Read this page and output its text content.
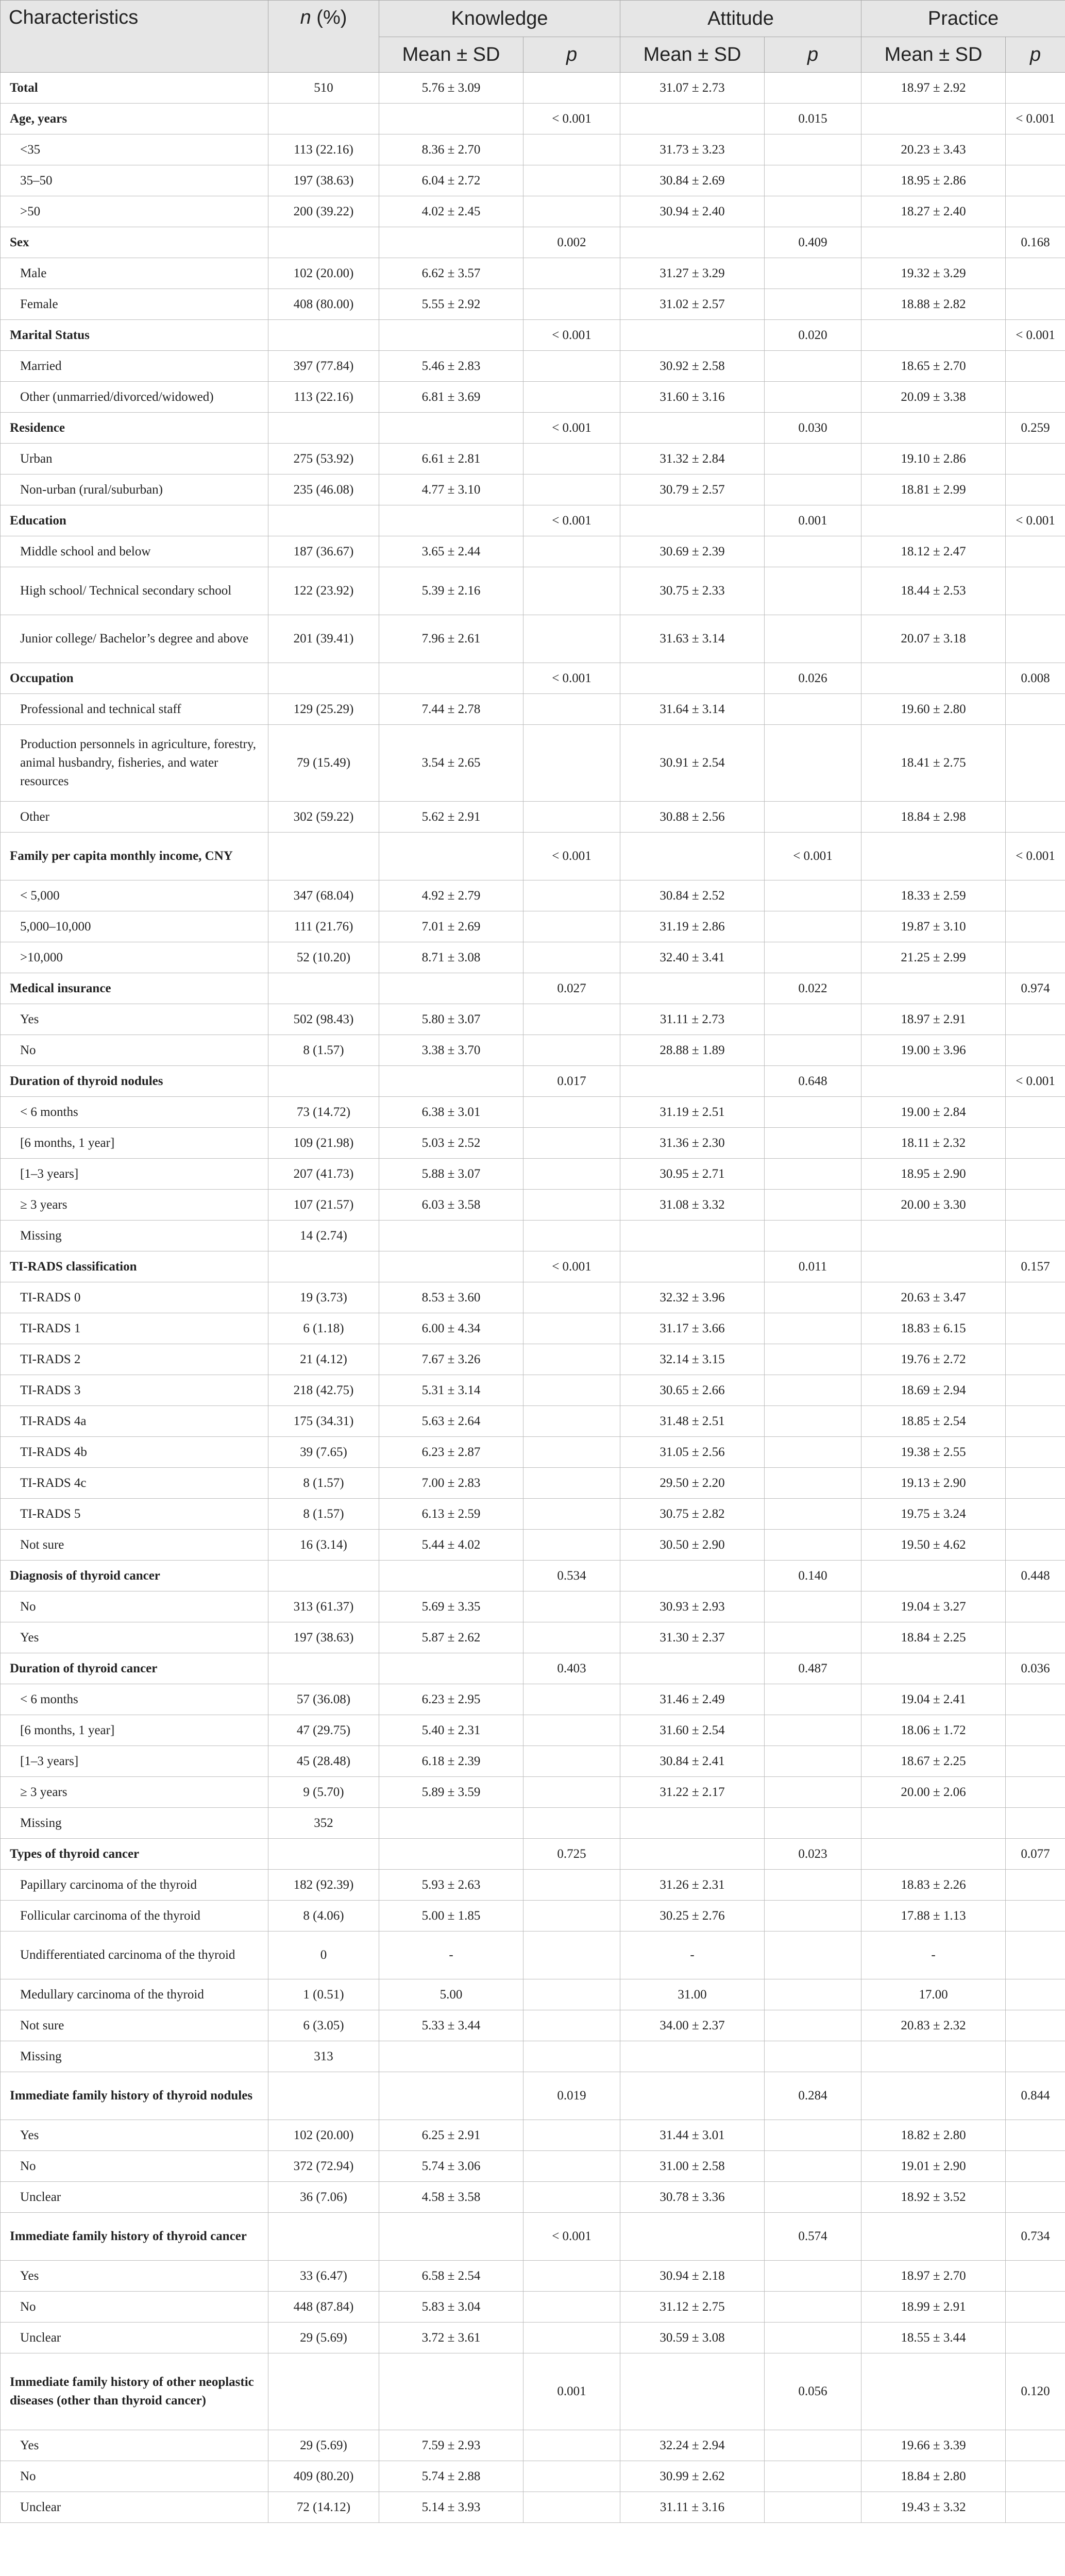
Characteristics	n (%)	Knowledge		Attitude		Practice	
		Mean ± SD	p	Mean ± SD	p	Mean ± SD	p
Total	510	5.76 ± 3.09		31.07 ± 2.73		18.97 ± 2.92	
Age, years			< 0.001		0.015		< 0.001
<35	113 (22.16)	8.36 ± 2.70		31.73 ± 3.23		20.23 ± 3.43	
35–50	197 (38.63)	6.04 ± 2.72		30.84 ± 2.69		18.95 ± 2.86	
>50	200 (39.22)	4.02 ± 2.45		30.94 ± 2.40		18.27 ± 2.40	
Sex			0.002		0.409		0.168
Male	102 (20.00)	6.62 ± 3.57		31.27 ± 3.29		19.32 ± 3.29	
Female	408 (80.00)	5.55 ± 2.92		31.02 ± 2.57		18.88 ± 2.82	
Marital Status			< 0.001		0.020		< 0.001
Married	397 (77.84)	5.46 ± 2.83		30.92 ± 2.58		18.65 ± 2.70	
Other (unmarried/divorced/widowed)	113 (22.16)	6.81 ± 3.69		31.60 ± 3.16		20.09 ± 3.38	
Residence			< 0.001		0.030		0.259
Urban	275 (53.92)	6.61 ± 2.81		31.32 ± 2.84		19.10 ± 2.86	
Non-urban (rural/suburban)	235 (46.08)	4.77 ± 3.10		30.79 ± 2.57		18.81 ± 2.99	
Education			< 0.001		0.001		< 0.001
Middle school and below	187 (36.67)	3.65 ± 2.44		30.69 ± 2.39		18.12 ± 2.47	
High school/ Technical secondary school	122 (23.92)	5.39 ± 2.16		30.75 ± 2.33		18.44 ± 2.53	
Junior college/ Bachelor’s degree and above	201 (39.41)	7.96 ± 2.61		31.63 ± 3.14		20.07 ± 3.18	
Occupation			< 0.001		0.026		0.008
Professional and technical staff	129 (25.29)	7.44 ± 2.78		31.64 ± 3.14		19.60 ± 2.80	
Production personnels in agriculture, forestry, animal husbandry, fisheries, and water resources	79 (15.49)	3.54 ± 2.65		30.91 ± 2.54		18.41 ± 2.75	
Other	302 (59.22)	5.62 ± 2.91		30.88 ± 2.56		18.84 ± 2.98	
Family per capita monthly income, CNY			< 0.001		< 0.001		< 0.001
< 5,000	347 (68.04)	4.92 ± 2.79		30.84 ± 2.52		18.33 ± 2.59	
5,000–10,000	111 (21.76)	7.01 ± 2.69		31.19 ± 2.86		19.87 ± 3.10	
>10,000	52 (10.20)	8.71 ± 3.08		32.40 ± 3.41		21.25 ± 2.99	
Medical insurance			0.027		0.022		0.974
Yes	502 (98.43)	5.80 ± 3.07		31.11 ± 2.73		18.97 ± 2.91	
No	8 (1.57)	3.38 ± 3.70		28.88 ± 1.89		19.00 ± 3.96	
Duration of thyroid nodules			0.017		0.648		< 0.001
< 6 months	73 (14.72)	6.38 ± 3.01		31.19 ± 2.51		19.00 ± 2.84	
[6 months, 1 year]	109 (21.98)	5.03 ± 2.52		31.36 ± 2.30		18.11 ± 2.32	
[1–3 years]	207 (41.73)	5.88 ± 3.07		30.95 ± 2.71		18.95 ± 2.90	
≥ 3 years	107 (21.57)	6.03 ± 3.58		31.08 ± 3.32		20.00 ± 3.30	
Missing	14 (2.74)						
TI-RADS classification			< 0.001		0.011		0.157
TI-RADS 0	19 (3.73)	8.53 ± 3.60		32.32 ± 3.96		20.63 ± 3.47	
TI-RADS 1	6 (1.18)	6.00 ± 4.34		31.17 ± 3.66		18.83 ± 6.15	
TI-RADS 2	21 (4.12)	7.67 ± 3.26		32.14 ± 3.15		19.76 ± 2.72	
TI-RADS 3	218 (42.75)	5.31 ± 3.14		30.65 ± 2.66		18.69 ± 2.94	
TI-RADS 4a	175 (34.31)	5.63 ± 2.64		31.48 ± 2.51		18.85 ± 2.54	
TI-RADS 4b	39 (7.65)	6.23 ± 2.87		31.05 ± 2.56		19.38 ± 2.55	
TI-RADS 4c	8 (1.57)	7.00 ± 2.83		29.50 ± 2.20		19.13 ± 2.90	
TI-RADS 5	8 (1.57)	6.13 ± 2.59		30.75 ± 2.82		19.75 ± 3.24	
Not sure	16 (3.14)	5.44 ± 4.02		30.50 ± 2.90		19.50 ± 4.62	
Diagnosis of thyroid cancer			0.534		0.140		0.448
No	313 (61.37)	5.69 ± 3.35		30.93 ± 2.93		19.04 ± 3.27	
Yes	197 (38.63)	5.87 ± 2.62		31.30 ± 2.37		18.84 ± 2.25	
Duration of thyroid cancer			0.403		0.487		0.036
< 6 months	57 (36.08)	6.23 ± 2.95		31.46 ± 2.49		19.04 ± 2.41	
[6 months, 1 year]	47 (29.75)	5.40 ± 2.31		31.60 ± 2.54		18.06 ± 1.72	
[1–3 years]	45 (28.48)	6.18 ± 2.39		30.84 ± 2.41		18.67 ± 2.25	
≥ 3 years	9 (5.70)	5.89 ± 3.59		31.22 ± 2.17		20.00 ± 2.06	
Missing	352						
Types of thyroid cancer			0.725		0.023		0.077
Papillary carcinoma of the thyroid	182 (92.39)	5.93 ± 2.63		31.26 ± 2.31		18.83 ± 2.26	
Follicular carcinoma of the thyroid	8 (4.06)	5.00 ± 1.85		30.25 ± 2.76		17.88 ± 1.13	
Undifferentiated carcinoma of the thyroid	0	-		-		-	
Medullary carcinoma of the thyroid	1 (0.51)	5.00		31.00		17.00	
Not sure	6 (3.05)	5.33 ± 3.44		34.00 ± 2.37		20.83 ± 2.32	
Missing	313						
Immediate family history of thyroid nodules			0.019		0.284		0.844
Yes	102 (20.00)	6.25 ± 2.91		31.44 ± 3.01		18.82 ± 2.80	
No	372 (72.94)	5.74 ± 3.06		31.00 ± 2.58		19.01 ± 2.90	
Unclear	36 (7.06)	4.58 ± 3.58		30.78 ± 3.36		18.92 ± 3.52	
Immediate family history of thyroid cancer			< 0.001		0.574		0.734
Yes	33 (6.47)	6.58 ± 2.54		30.94 ± 2.18		18.97 ± 2.70	
No	448 (87.84)	5.83 ± 3.04		31.12 ± 2.75		18.99 ± 2.91	
Unclear	29 (5.69)	3.72 ± 3.61		30.59 ± 3.08		18.55 ± 3.44	
Immediate family history of other neoplastic diseases (other than thyroid cancer)			0.001		0.056		0.120
Yes	29 (5.69)	7.59 ± 2.93		32.24 ± 2.94		19.66 ± 3.39	
No	409 (80.20)	5.74 ± 2.88		30.99 ± 2.62		18.84 ± 2.80	
Unclear	72 (14.12)	5.14 ± 3.93		31.11 ± 3.16		19.43 ± 3.32	
